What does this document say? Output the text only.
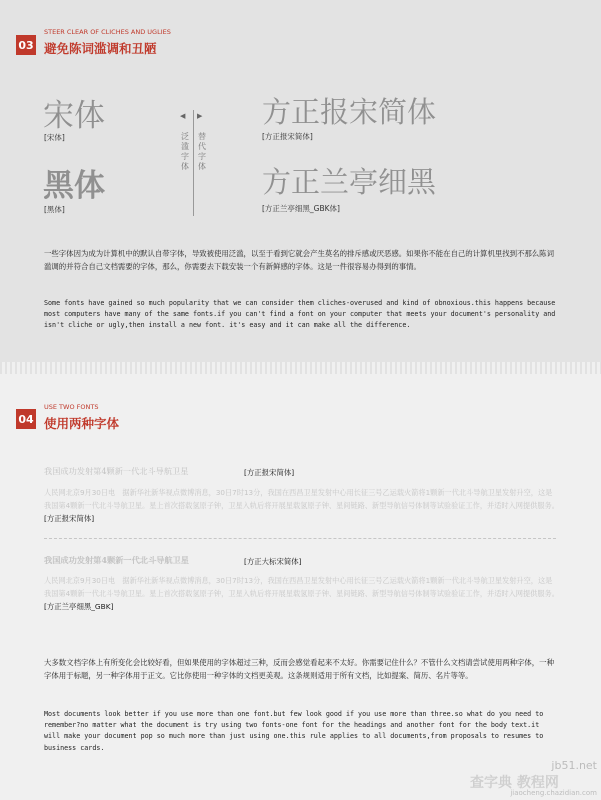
03
STEER CLEAR OF CLICHES AND UGLIES
避免陈词滥调和丑陋
宋体
[宋体]
黑体
[黑体]
◀ ▶
泛滥字体
替代字体
方正报宋简体
[方正报宋简体]
方正兰亭细黑
[方正兰亭细黑_GBK体]
一些字体因为成为计算机中的默认自带字体，导致被使用泛滥，以至于看到它就会产生莫名的排斥感或厌恶感。如果你不能在自己的计算机里找到不那么陈词滥调的并符合自己文档需要的字体，那么，你需要去下载安装一个有新鲜感的字体。这是一件很容易办得到的事情。
Some fonts have gained so much popularity that we can consider them cliches-overused and kind of obnoxious.this happens because most computers have many of the same fonts.if you can't find a font on your computer that meets your document's personality and isn't cliche or ugly,then install a new font. it's easy and it can make all the difference.
04
USE TWO FONTS
使用两种字体
我国成功发射第4颗新一代北斗导航卫星	[方正报宋简体]
人民网北京9月30日电　据新华社新华视点微博消息，30日7时13分，我国在西昌卫星发射中心用长征三号乙运载火箭将1颗新一代北斗导航卫星发射升空，这是我国第4颗新一代北斗导航卫星。星上首次搭载氢原子钟，卫星入轨后将开展星载氢原子钟、星间链路、新型导航信号体制等试验验证工作，并适时入网提供服务。　　　[方正报宋简体]
我国成功发射第4颗新一代北斗导航卫星	[方正大标宋简体]
人民网北京9月30日电　据新华社新华视点微博消息，30日7时13分，我国在西昌卫星发射中心用长征三号乙运载火箭将1颗新一代北斗导航卫星发射升空，这是我国第4颗新一代北斗导航卫星。星上首次搭载氢原子钟，卫星入轨后将开展星载氢原子钟、星间链路、新型导航信号体制等试验验证工作，并适时入网提供服务。　　[方正兰亭细黑_GBK]
大多数文档字体上有所变化会比较好看，但如果使用的字体超过三种，反而会感觉看起来不太好。你需要记住什么？不管什么文档请尝试使用两种字体，一种字体用于标题，另一种字体用于正文。它比你使用一种字体的文档更美观。这条规则适用于所有文档，比如提案、简历、名片等等。
Most documents look better if you use more than one font.but few look good if you use more than three.so what do you need to remember?no matter what the document is try using two fonts-one font for the headings and another font for the body text.it will make your document pop so much more than just using one.this rule applies to all documents,from proposals to resumes to business cards.
jb51.net
查字典 教程网
jiaocheng.chazidian.com
